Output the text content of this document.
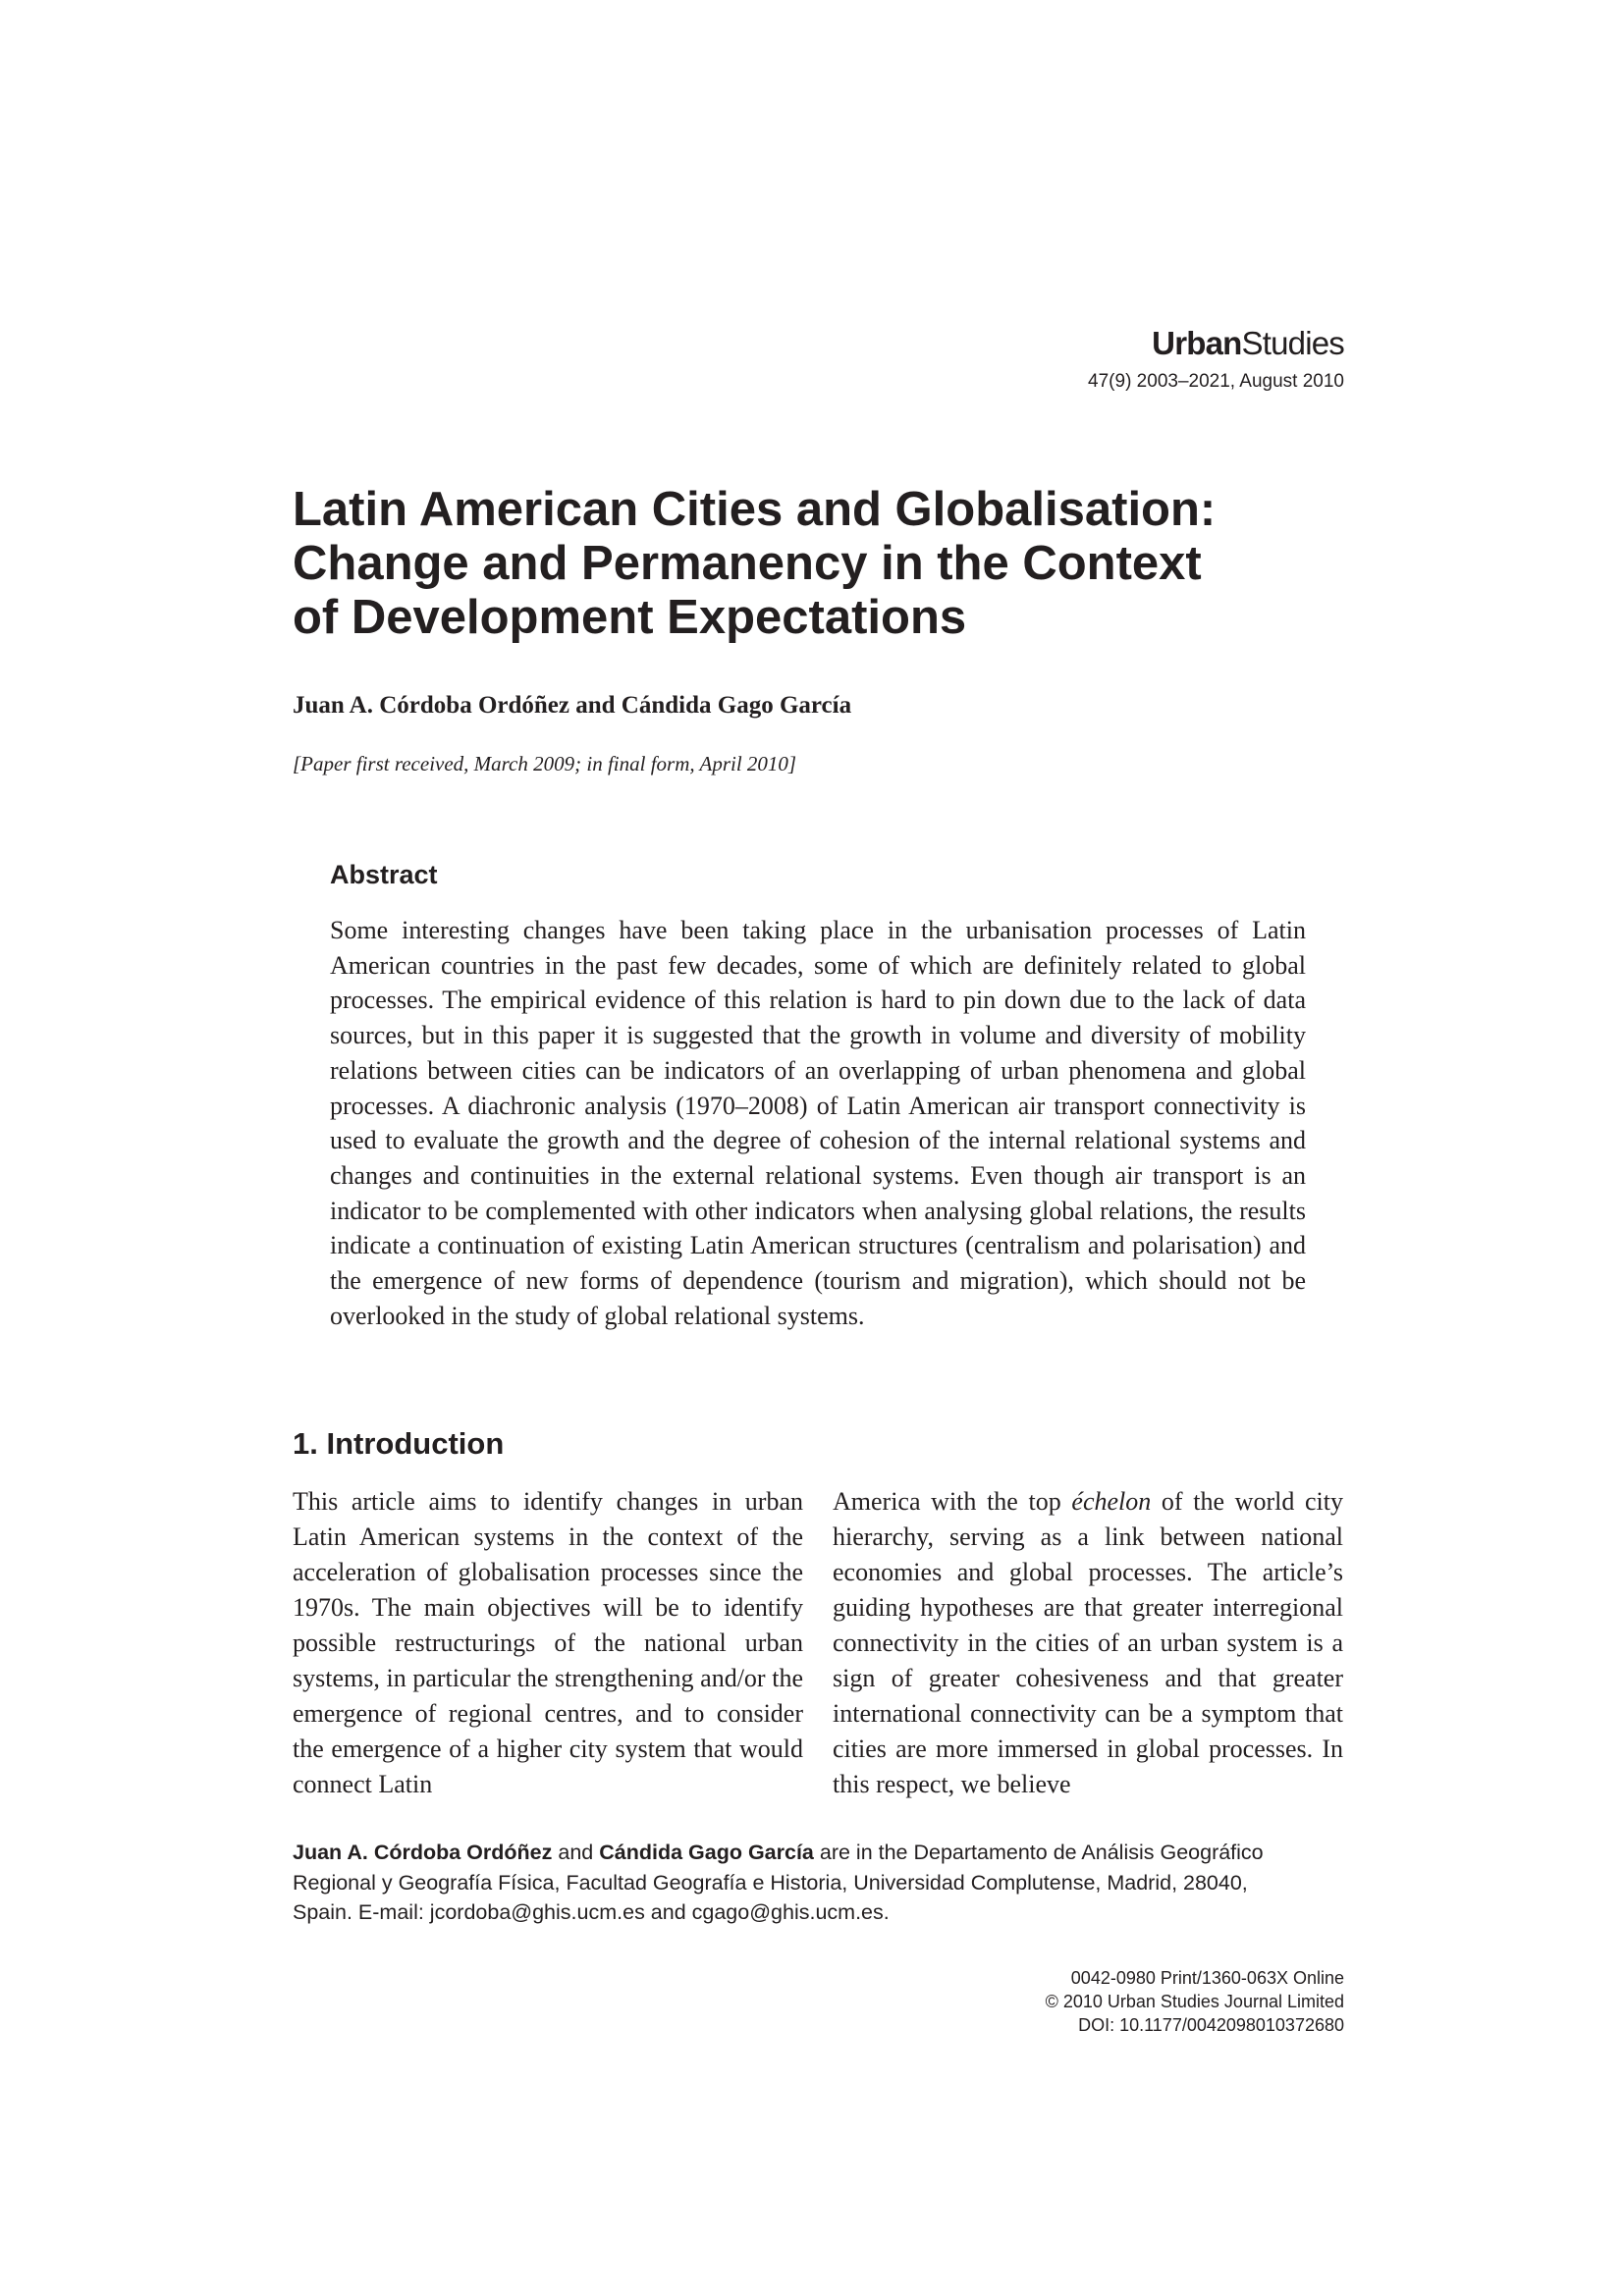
UrbanStudies
47(9) 2003–2021, August 2010
Latin American Cities and Globalisation:
Change and Permanency in the Context
of Development Expectations
Juan A. Córdoba Ordóñez and Cándida Gago García
[Paper first received, March 2009; in final form, April 2010]
Abstract

Some interesting changes have been taking place in the urbanisation processes of Latin American countries in the past few decades, some of which are definitely related to global processes. The empirical evidence of this relation is hard to pin down due to the lack of data sources, but in this paper it is suggested that the growth in volume and diversity of mobility relations between cities can be indicators of an overlapping of urban phenomena and global processes. A diachronic analysis (1970–2008) of Latin American air transport connectivity is used to evaluate the growth and the degree of cohesion of the internal relational systems and changes and continuities in the external relational systems. Even though air transport is an indicator to be complemented with other indicators when analysing global relations, the results indicate a continuation of existing Latin American structures (centralism and polarisation) and the emergence of new forms of dependence (tourism and migration), which should not be overlooked in the study of global relational systems.

1. Introduction

This article aims to identify changes in urban Latin American systems in the context of the acceleration of globalisation processes since the 1970s. The main objectives will be to identify possible restructurings of the national urban systems, in particular the strengthening and/or the emergence of regional centres, and to consider the emergence of a higher city system that would connect Latin

America with the top échelon of the world city hierarchy, serving as a link between national economies and global processes. The article’s guiding hypotheses are that greater interregional connectivity in the cities of an urban system is a sign of greater cohesiveness and that greater international connectivity can be a symptom that cities are more immersed in global processes. In this respect, we believe

Juan A. Córdoba Ordóñez and Cándida Gago García are in the Departamento de Análisis Geográfico
Regional y Geografía Física, Facultad Geografía e Historia, Universidad Complutense, Madrid, 28040,
Spain. E-mail: jcordoba@ghis.ucm.es and cgago@ghis.ucm.es.
0042-0980 Print/1360-063X Online
© 2010 Urban Studies Journal Limited
DOI: 10.1177/0042098010372680
